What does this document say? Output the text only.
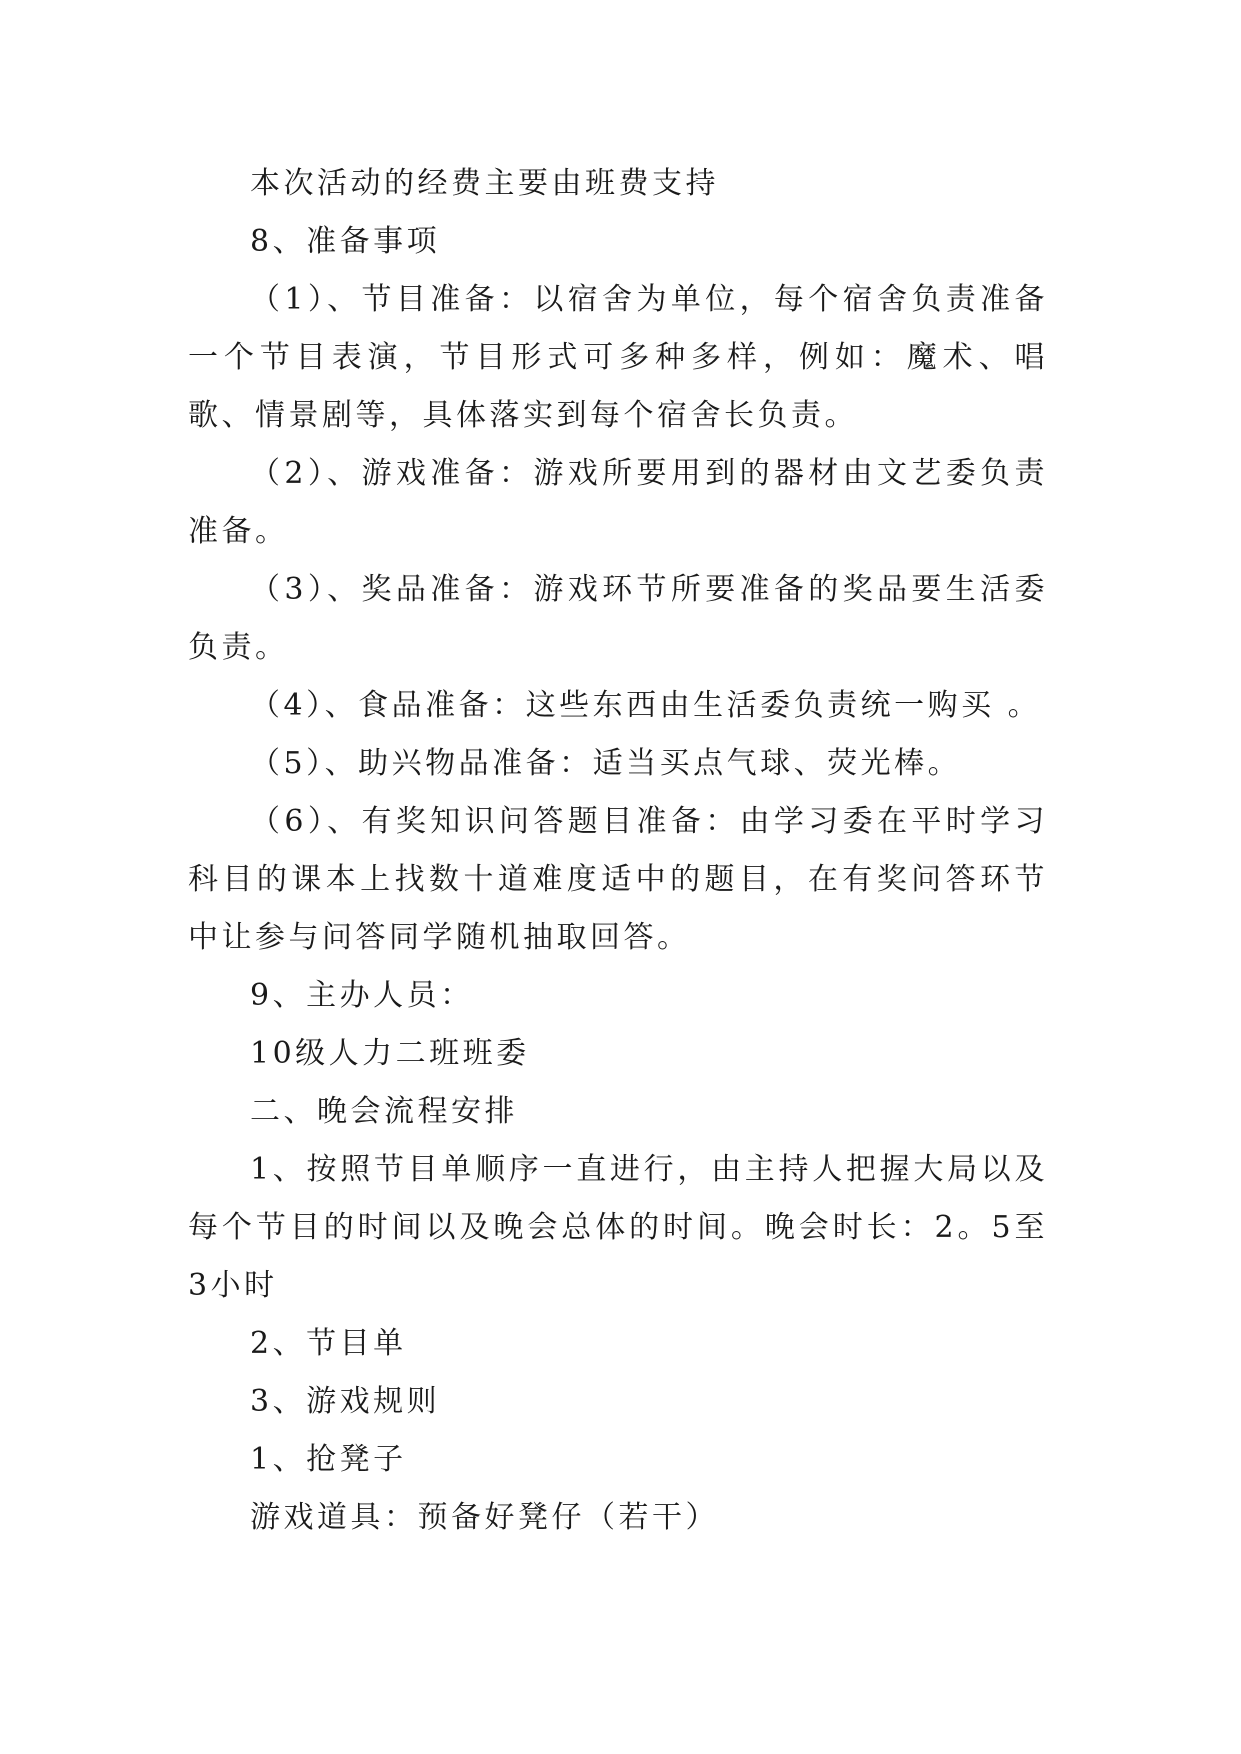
本次活动的经费主要由班费支持

8、准备事项

（1）、节目准备：以宿舍为单位，每个宿舍负责准备一个节目表演，节目形式可多种多样，例如：魔术、唱歌、情景剧等，具体落实到每个宿舍长负责。

（2）、游戏准备：游戏所要用到的器材由文艺委负责准备。

（3）、奖品准备：游戏环节所要准备的奖品要生活委负责。

（4）、食品准备：这些东西由生活委负责统一购买 。

（5）、助兴物品准备：适当买点气球、荧光棒。

（6）、有奖知识问答题目准备：由学习委在平时学习科目的课本上找数十道难度适中的题目，在有奖问答环节中让参与问答同学随机抽取回答。

9、主办人员：

10级人力二班班委

二、晚会流程安排

1、按照节目单顺序一直进行，由主持人把握大局以及每个节目的时间以及晚会总体的时间。晚会时长：2。5至3小时

2、节目单

3、游戏规则

1、抢凳子

游戏道具：预备好凳仔（若干）
